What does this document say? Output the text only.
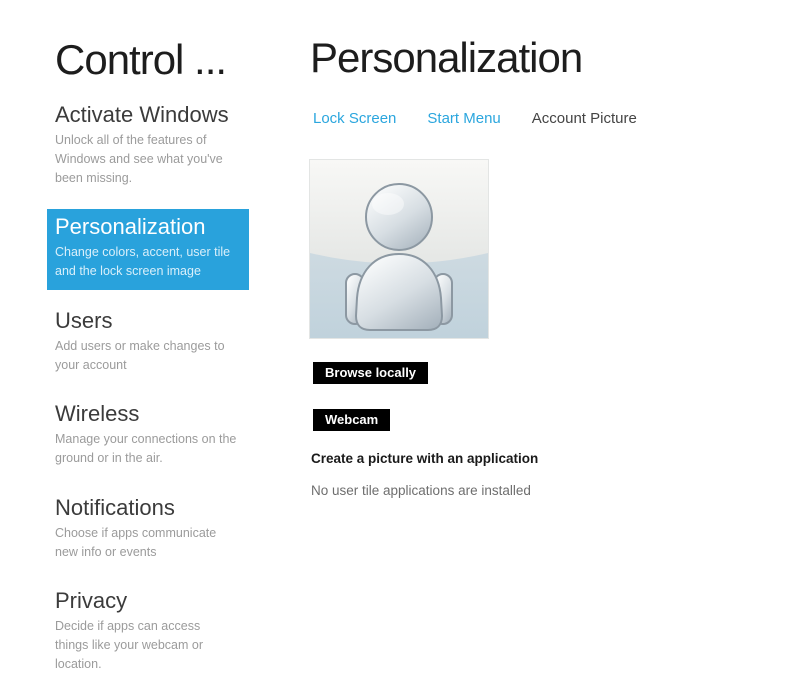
Control ...
Activate Windows
Unlock all of the features of Windows and see what you've been missing.
Personalization
Change colors, accent, user tile and the lock screen image
Users
Add users or make changes to your account
Wireless
Manage your connections on the ground or in the air.
Notifications
Choose if apps communicate new info or events
Privacy
Decide if apps can access things like your webcam or location.
Personalization
Lock Screen Start Menu Account Picture
Browse locally
Webcam
Create a picture with an application
No user tile applications are installed
